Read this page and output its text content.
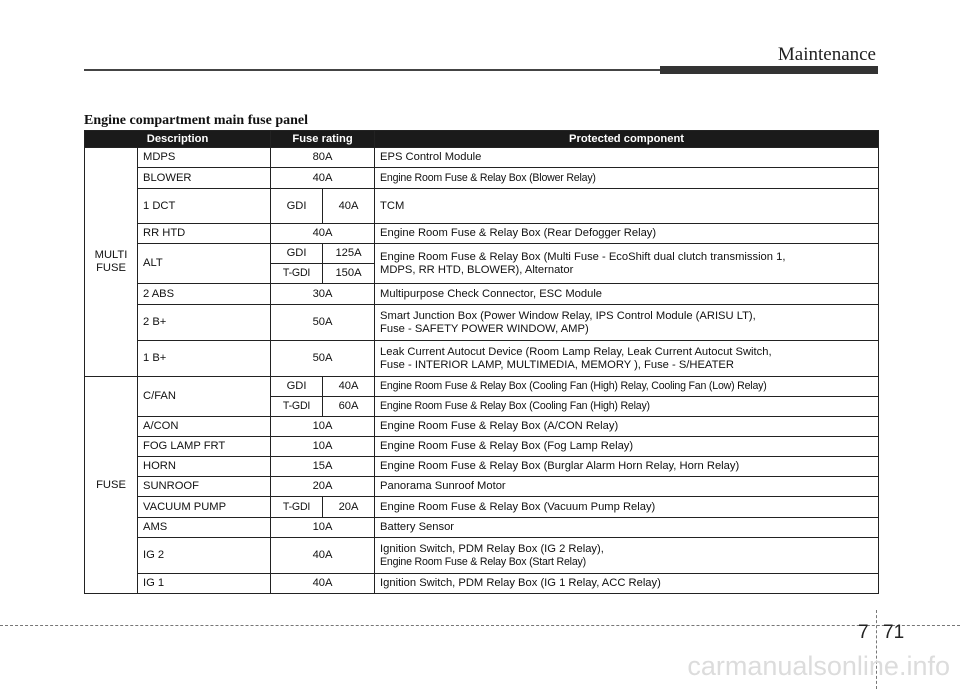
Maintenance
Engine compartment main fuse panel
Description		Fuse rating		Protected component
MULTI
FUSE	MDPS	80A		EPS Control Module
	BLOWER	40A		Engine Room Fuse & Relay Box (Blower Relay)
	1 DCT	GDI	40A	TCM
	RR HTD	40A		Engine Room Fuse & Relay Box (Rear Defogger Relay)
	ALT	GDI	125A	Engine Room Fuse & Relay Box (Multi Fuse - EcoShift dual clutch transmission 1,
MDPS, RR HTD, BLOWER), Alternator
		T-GDI	150A	
	2 ABS	30A		Multipurpose Check Connector, ESC Module
	2 B+	50A		Smart Junction Box (Power Window Relay, IPS Control Module (ARISU LT),
Fuse - SAFETY POWER WINDOW, AMP)
	1 B+	50A		Leak Current Autocut Device (Room Lamp Relay, Leak Current Autocut Switch,
Fuse - INTERIOR LAMP, MULTIMEDIA, MEMORY ), Fuse - S/HEATER
FUSE	C/FAN	GDI	40A	Engine Room Fuse & Relay Box (Cooling Fan (High) Relay, Cooling Fan (Low) Relay)
		T-GDI	60A	Engine Room Fuse & Relay Box (Cooling Fan (High) Relay)
	A/CON	10A		Engine Room Fuse & Relay Box (A/CON Relay)
	FOG LAMP FRT	10A		Engine Room Fuse & Relay Box (Fog Lamp Relay)
	HORN	15A		Engine Room Fuse & Relay Box (Burglar Alarm Horn Relay, Horn Relay)
	SUNROOF	20A		Panorama Sunroof Motor
	VACUUM PUMP	T-GDI	20A	Engine Room Fuse & Relay Box (Vacuum Pump Relay)
	AMS	10A		Battery Sensor
	IG 2	40A		Ignition Switch, PDM Relay Box (IG 2 Relay),
Engine Room Fuse & Relay Box (Start Relay)
	IG 1	40A		Ignition Switch, PDM Relay Box (IG 1 Relay, ACC Relay)
7 71
carmanualsonline.info
